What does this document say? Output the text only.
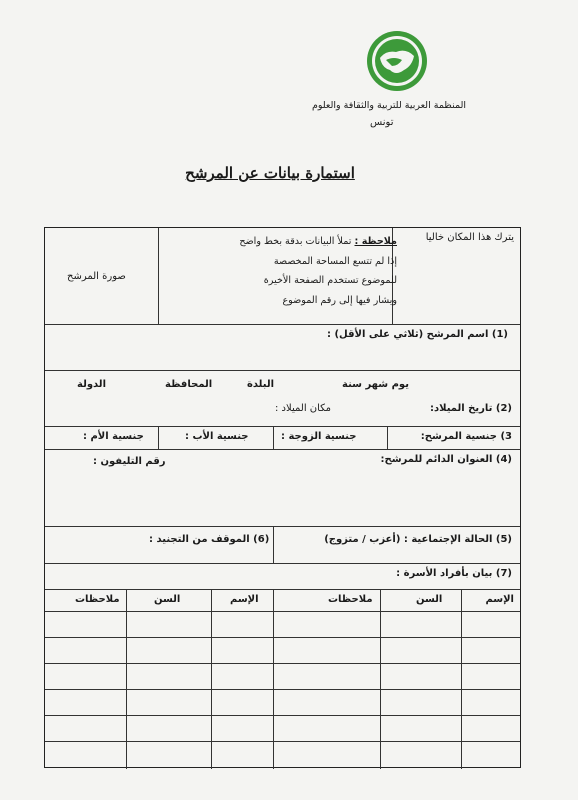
المنظمة العربية للتربية والثقافة والعلوم
تونس
استمارة بيانات عن المرشح
يترك هذا المكان خاليا
ملاحظة : تملأ البيانات بدقة بخط واضح
إذا لم تتسع المساحة المخصصة
للموضوع تستخدم الصفحة الأخيرة
ويشار فيها إلى رقم الموضوع
صورة المرشح
(1) اسم المرشح (ثلاثي على الأقل) :
يوم شهر سنة
البلدة
المحافظة
الدولة
(2) تاريخ الميلاد:
مكان الميلاد :
3) جنسية المرشح:
جنسية الزوجة :
جنسية الأب :
جنسية الأم :
(4) العنوان الدائم للمرشح:
رقم التليفون :
(5) الحالة الإجتماعية : (أعزب / متزوج)
(6) الموقف من التجنيد :
(7) بيان بأفراد الأسرة :
الإسم
السن
ملاحظات
الإسم
السن
ملاحظات
